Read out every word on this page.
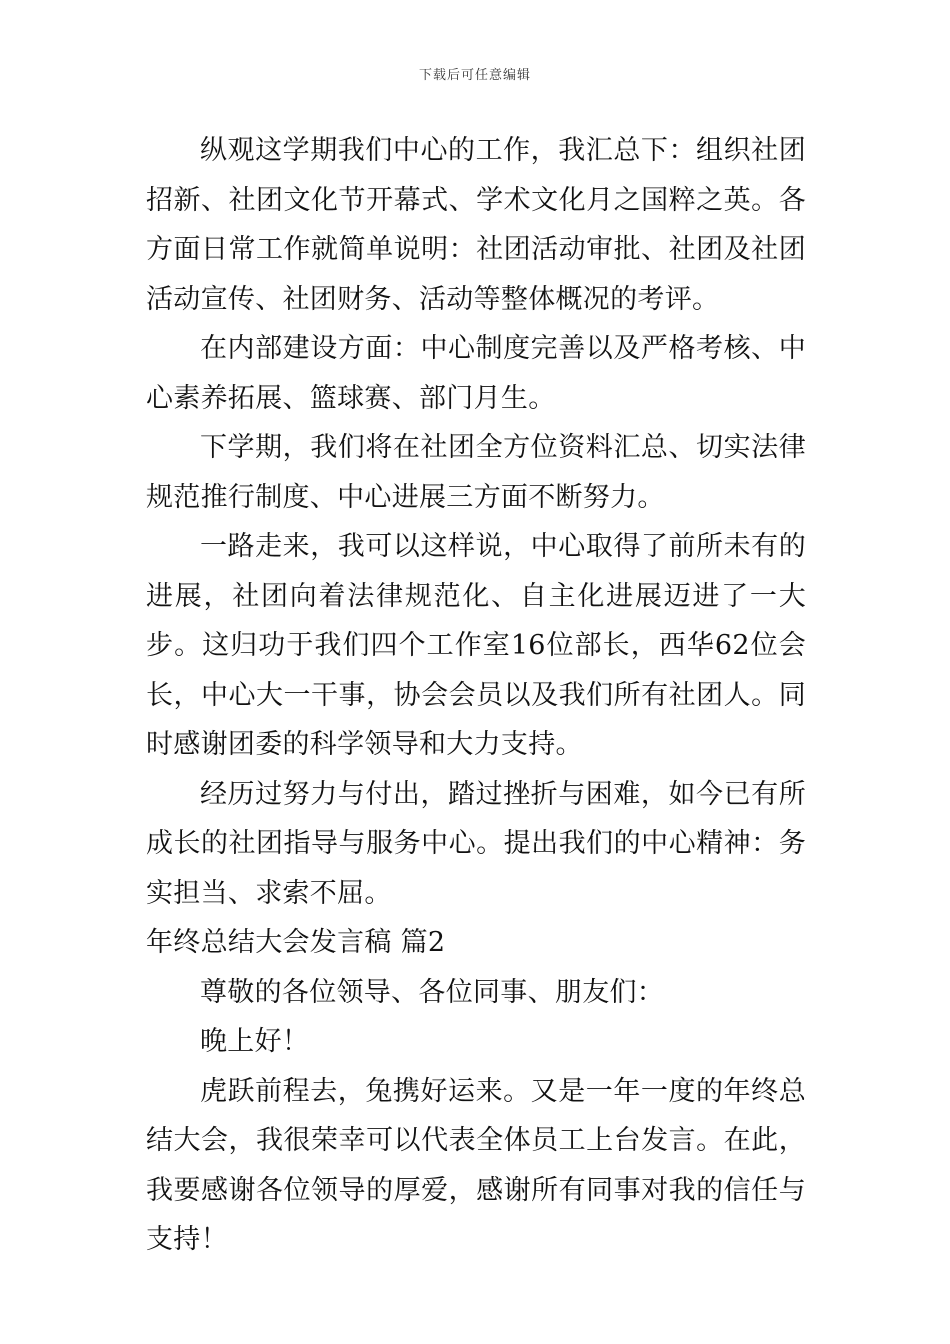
下载后可任意编辑

纵观这学期我们中心的工作，我汇总下：组织社团招新、社团文化节开幕式、学术文化月之国粹之英。各方面日常工作就简单说明：社团活动审批、社团及社团活动宣传、社团财务、活动等整体概况的考评。

在内部建设方面：中心制度完善以及严格考核、中心素养拓展、篮球赛、部门月生。

下学期，我们将在社团全方位资料汇总、切实法律规范推行制度、中心进展三方面不断努力。

一路走来，我可以这样说，中心取得了前所未有的进展，社团向着法律规范化、自主化进展迈进了一大步。这归功于我们四个工作室16位部长，西华62位会长，中心大一干事，协会会员以及我们所有社团人。同时感谢团委的科学领导和大力支持。

经历过努力与付出，踏过挫折与困难，如今已有所成长的社团指导与服务中心。提出我们的中心精神：务实担当、求索不屈。

年终总结大会发言稿 篇2

尊敬的各位领导、各位同事、朋友们：

晚上好！

虎跃前程去，兔携好运来。又是一年一度的年终总结大会，我很荣幸可以代表全体员工上台发言。在此，我要感谢各位领导的厚爱，感谢所有同事对我的信任与支持！
